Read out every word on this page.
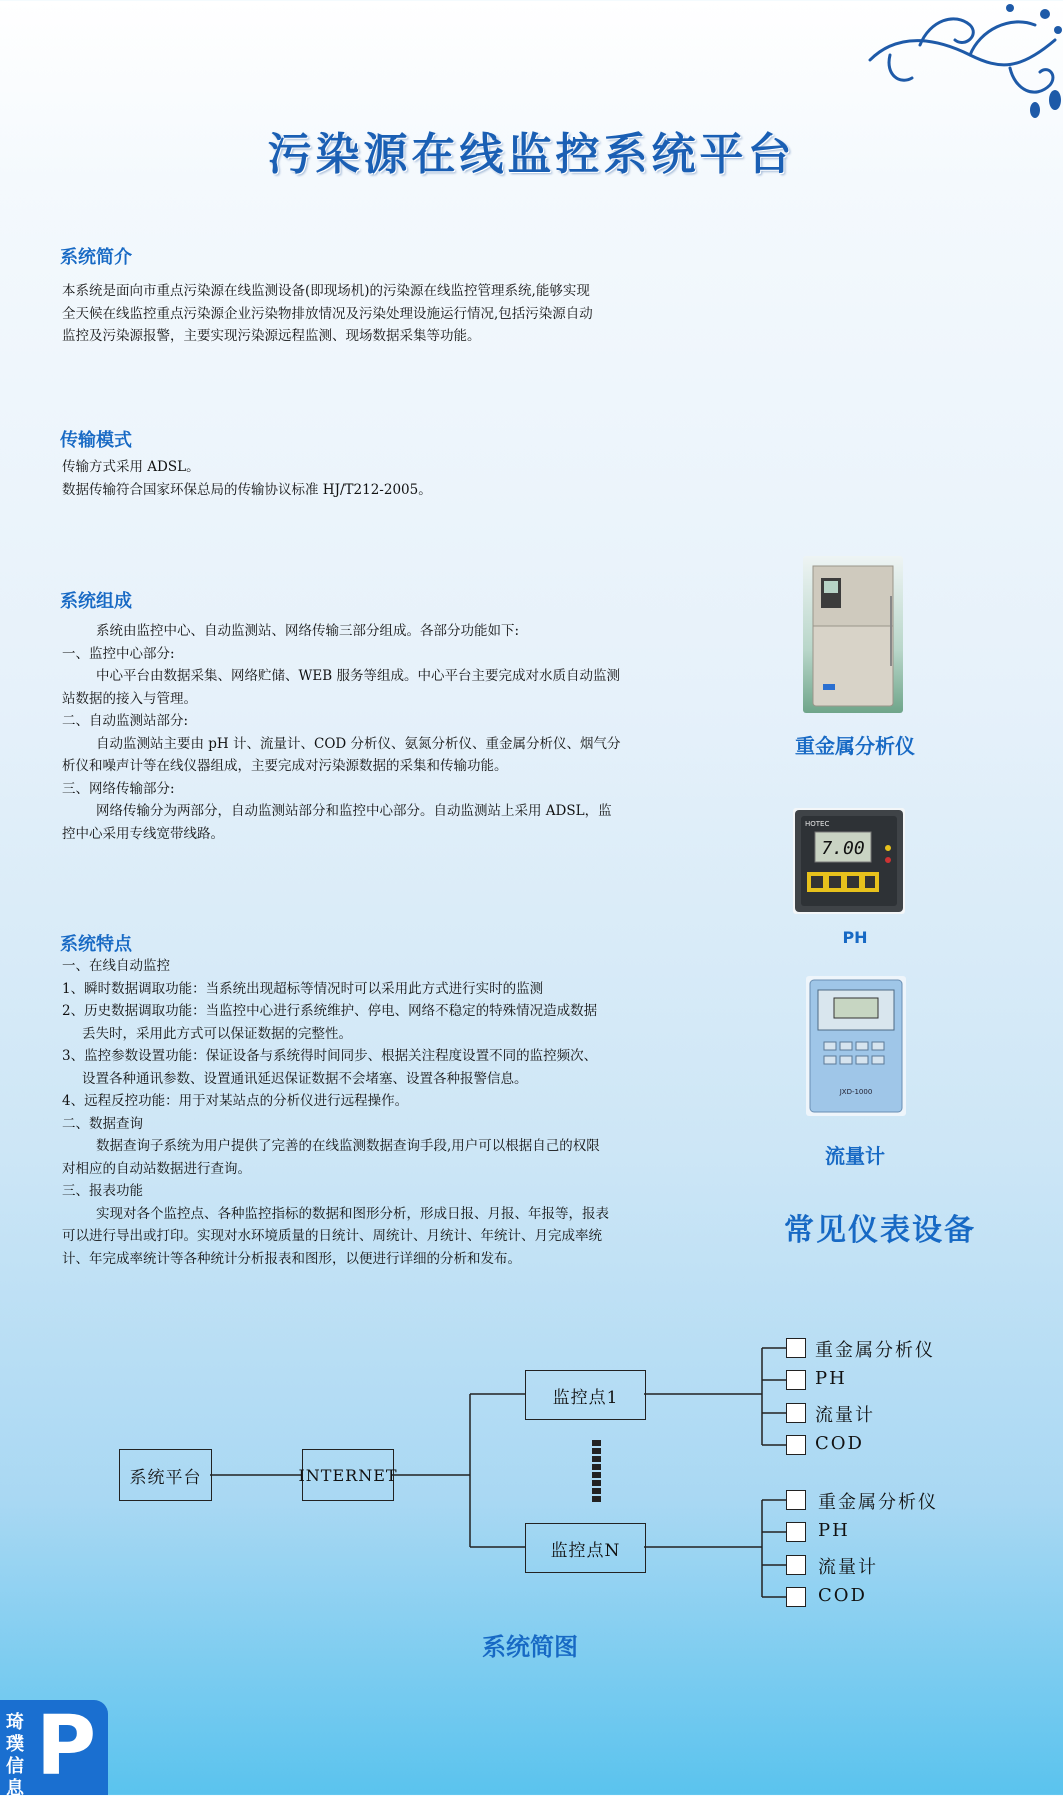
污染源在线监控系统平台
系统简介

本系统是面向市重点污染源在线监测设备(即现场机)的污染源在线监控管理系统,能够实现

全天候在线监控重点污染源企业污染物排放情况及污染处理设施运行情况,包括污染源自动

监控及污染源报警，主要实现污染源远程监测、现场数据采集等功能。

传输模式

传输方式采用 ADSL。

数据传输符合国家环保总局的传输协议标准 HJ/T212-2005。

系统组成

系统由监控中心、自动监测站、网络传输三部分组成。各部分功能如下:

一、监控中心部分:

中心平台由数据采集、网络贮储、WEB 服务等组成。中心平台主要完成对水质自动监测

站数据的接入与管理。

二、自动监测站部分:

自动监测站主要由 pH 计、流量计、COD 分析仪、氨氮分析仪、重金属分析仪、烟气分

析仪和噪声计等在线仪器组成，主要完成对污染源数据的采集和传输功能。

三、网络传输部分:

网络传输分为两部分，自动监测站部分和监控中心部分。自动监测站上采用 ADSL，监

控中心采用专线宽带线路。

系统特点

一、在线自动监控

1、瞬时数据调取功能：当系统出现超标等情况时可以采用此方式进行实时的监测

2、历史数据调取功能：当监控中心进行系统维护、停电、网络不稳定的特殊情况造成数据

丢失时，采用此方式可以保证数据的完整性。

3、监控参数设置功能：保证设备与系统得时间同步、根据关注程度设置不同的监控频次、

设置各种通讯参数、设置通讯延迟保证数据不会堵塞、设置各种报警信息。

4、远程反控功能：用于对某站点的分析仪进行远程操作。

二、数据查询

数据查询子系统为用户提供了完善的在线监测数据查询手段,用户可以根据自己的权限

对相应的自动站数据进行查询。

三、报表功能

实现对各个监控点、各种监控指标的数据和图形分析，形成日报、月报、年报等，报表

可以进行导出或打印。实现对水环境质量的日统计、周统计、月统计、年统计、月完成率统

计、年完成率统计等各种统计分析报表和图形，以便进行详细的分析和发布。

重金属分析仪
HOTEC
7.00
PH
JXD-1000
流量计
常见仪表设备
系统平台	INTERNET
监控点1
监控点N
重金属分析仪
PH
流量计
COD
重金属分析仪
PH
流量计
COD
系统简图
琦璞信息 P
